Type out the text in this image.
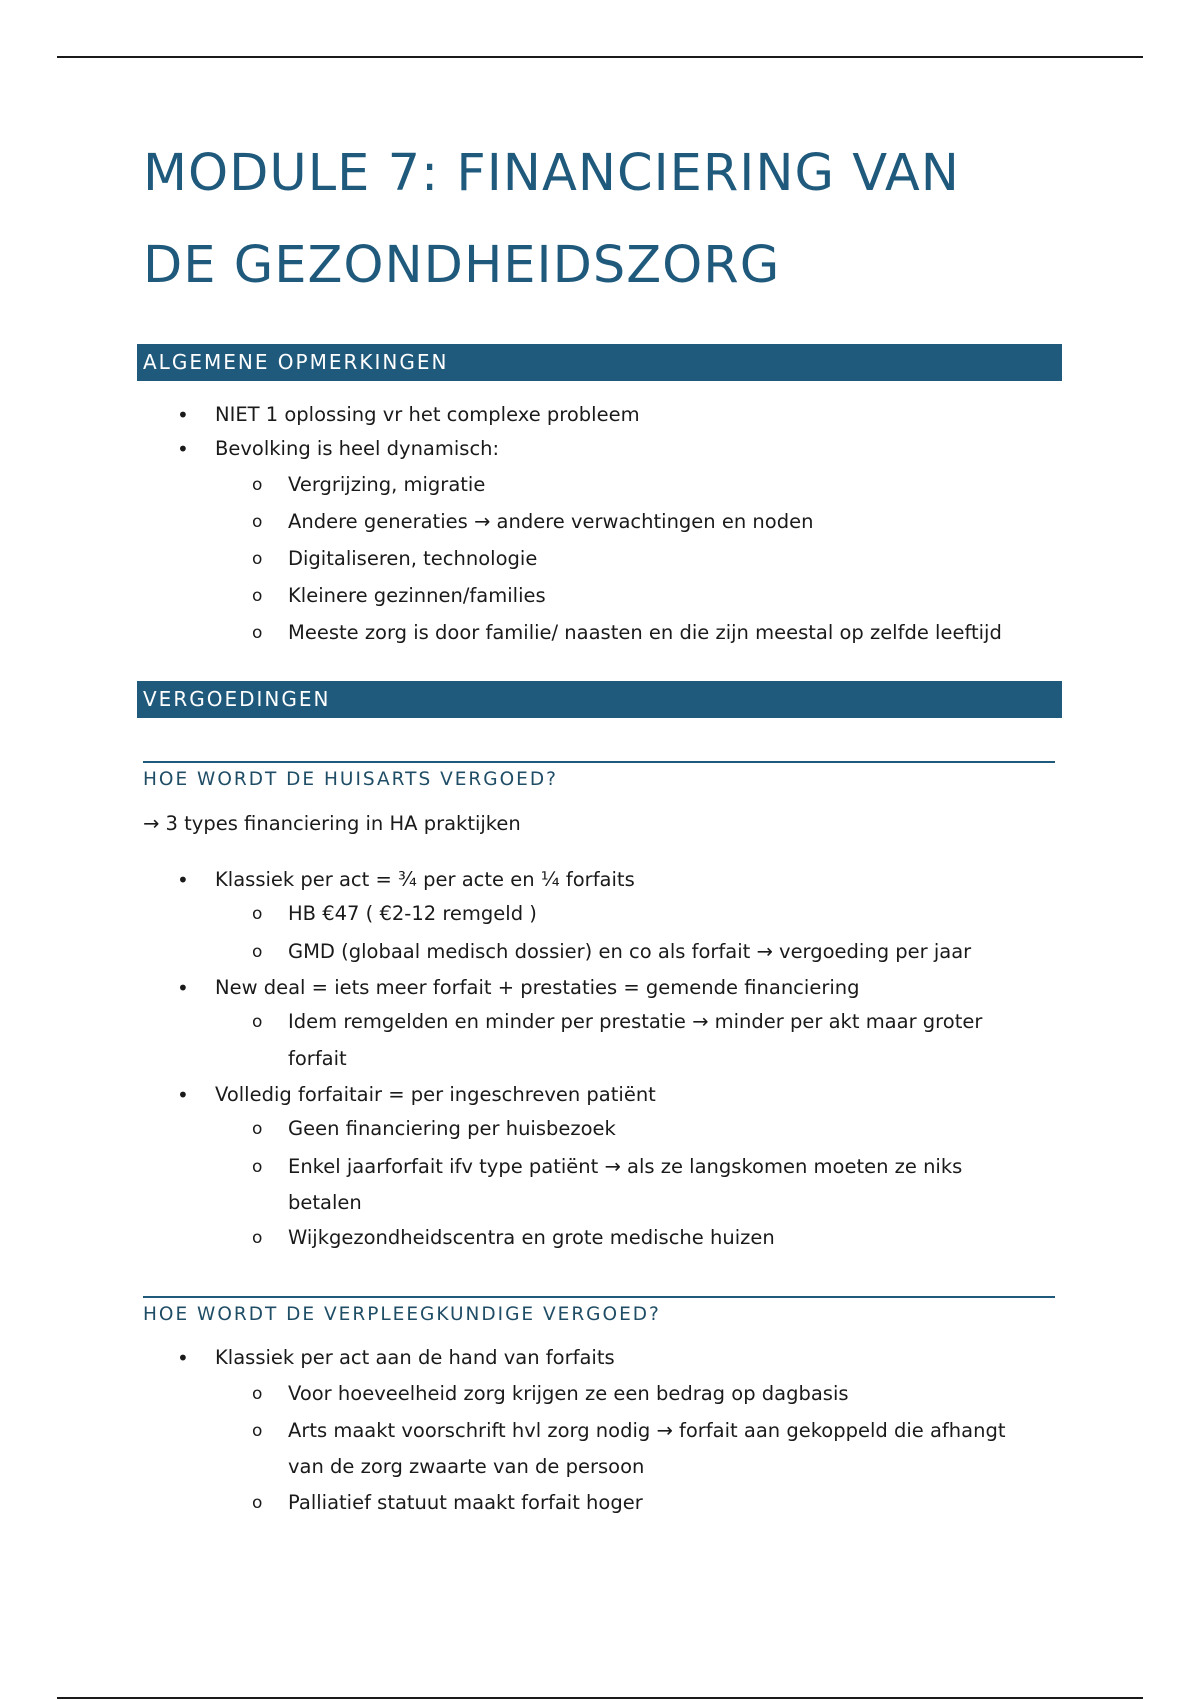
MODULE 7: FINANCIERING VAN
DE GEZONDHEIDSZORG
ALGEMENE OPMERKINGEN
• NIET 1 oplossing vr het complexe probleem
• Bevolking is heel dynamisch:
o Vergrijzing, migratie
o Andere generaties → andere verwachtingen en noden
o Digitaliseren, technologie
o Kleinere gezinnen/families
o Meeste zorg is door familie/ naasten en die zijn meestal op zelfde leeftijd
VERGOEDINGEN
HOE WORDT DE HUISARTS VERGOED?
→ 3 types financiering in HA praktijken
• Klassiek per act = ¾ per acte en ¼ forfaits
o HB €47 ( €2-12 remgeld )
o GMD (globaal medisch dossier) en co als forfait → vergoeding per jaar
• New deal = iets meer forfait + prestaties = gemende financiering
o Idem remgelden en minder per prestatie → minder per akt maar groter
forfait
• Volledig forfaitair = per ingeschreven patiënt
o Geen financiering per huisbezoek
o Enkel jaarforfait ifv type patiënt → als ze langskomen moeten ze niks
betalen
o Wijkgezondheidscentra en grote medische huizen
HOE WORDT DE VERPLEEGKUNDIGE VERGOED?
• Klassiek per act aan de hand van forfaits
o Voor hoeveelheid zorg krijgen ze een bedrag op dagbasis
o Arts maakt voorschrift hvl zorg nodig → forfait aan gekoppeld die afhangt
van de zorg zwaarte van de persoon
o Palliatief statuut maakt forfait hoger
